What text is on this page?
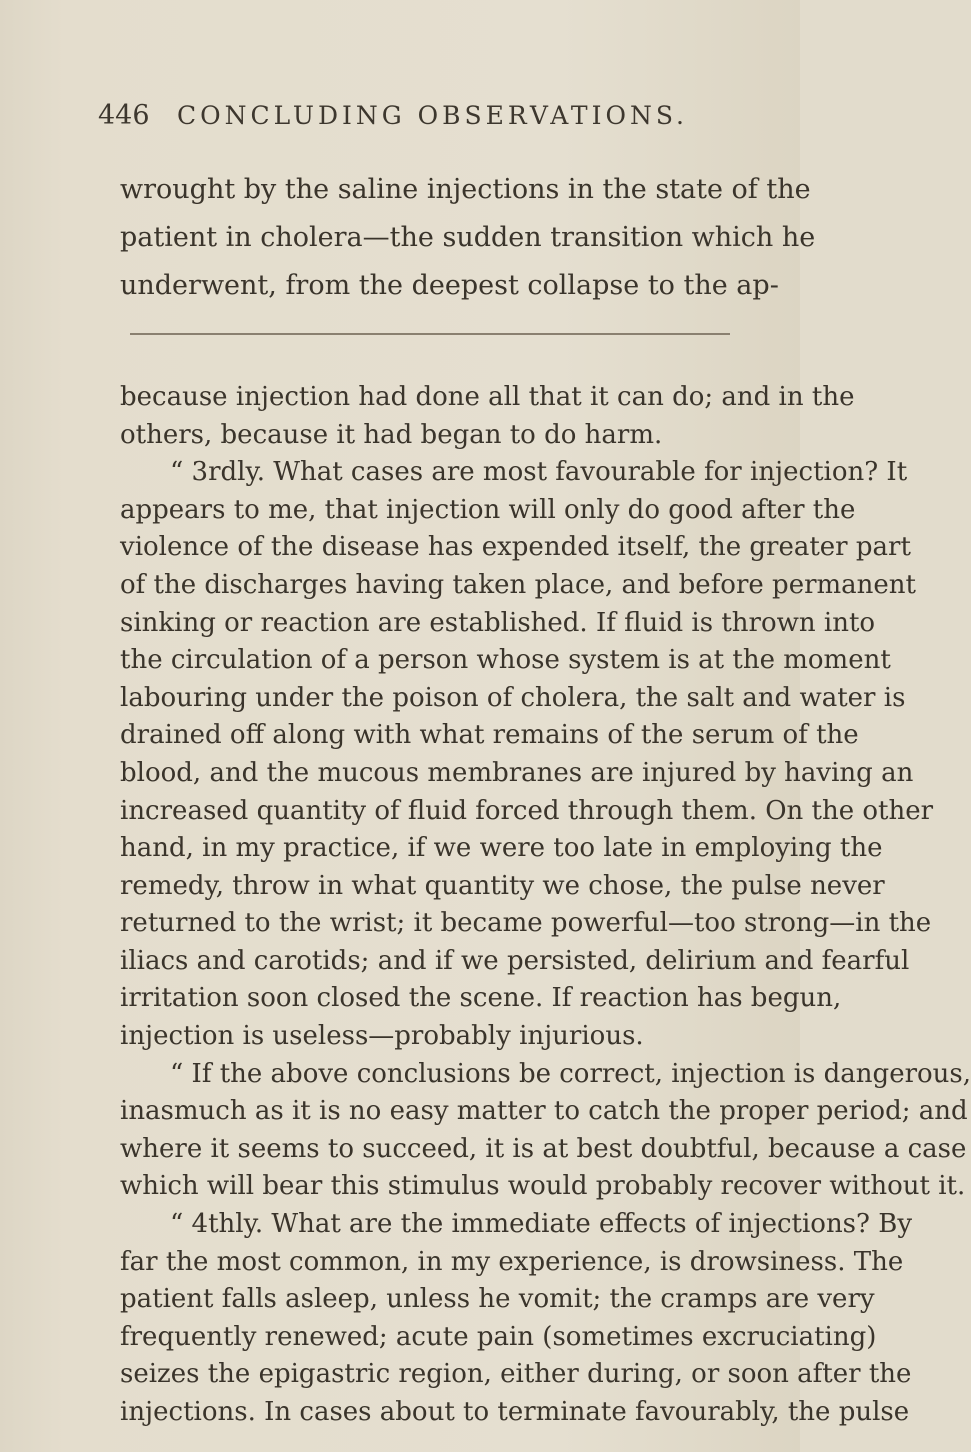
446 CONCLUDING OBSERVATIONS.

wrought by the saline injections in the state of the

patient in cholera—the sudden transition which he

underwent, from the deepest collapse to the ap-

because injection had done all that it can do; and in the

others, because it had began to do harm.

“ 3rdly. What cases are most favourable for injection? It

appears to me, that injection will only do good after the

violence of the disease has expended itself, the greater part

of the discharges having taken place, and before permanent

sinking or reaction are established. If fluid is thrown into

the circulation of a person whose system is at the moment

labouring under the poison of cholera, the salt and water is

drained off along with what remains of the serum of the

blood, and the mucous membranes are injured by having an

increased quantity of fluid forced through them. On the other

hand, in my practice, if we were too late in employing the

remedy, throw in what quantity we chose, the pulse never

returned to the wrist; it became powerful—too strong—in the

iliacs and carotids; and if we persisted, delirium and fearful

irritation soon closed the scene. If reaction has begun,

injection is useless—probably injurious.

“ If the above conclusions be correct, injection is dangerous,

inasmuch as it is no easy matter to catch the proper period; and

where it seems to succeed, it is at best doubtful, because a case

which will bear this stimulus would probably recover without it.

“ 4thly. What are the immediate effects of injections? By

far the most common, in my experience, is drowsiness. The

patient falls asleep, unless he vomit; the cramps are very

frequently renewed; acute pain (sometimes excruciating)

seizes the epigastric region, either during, or soon after the

injections. In cases about to terminate favourably, the pulse
